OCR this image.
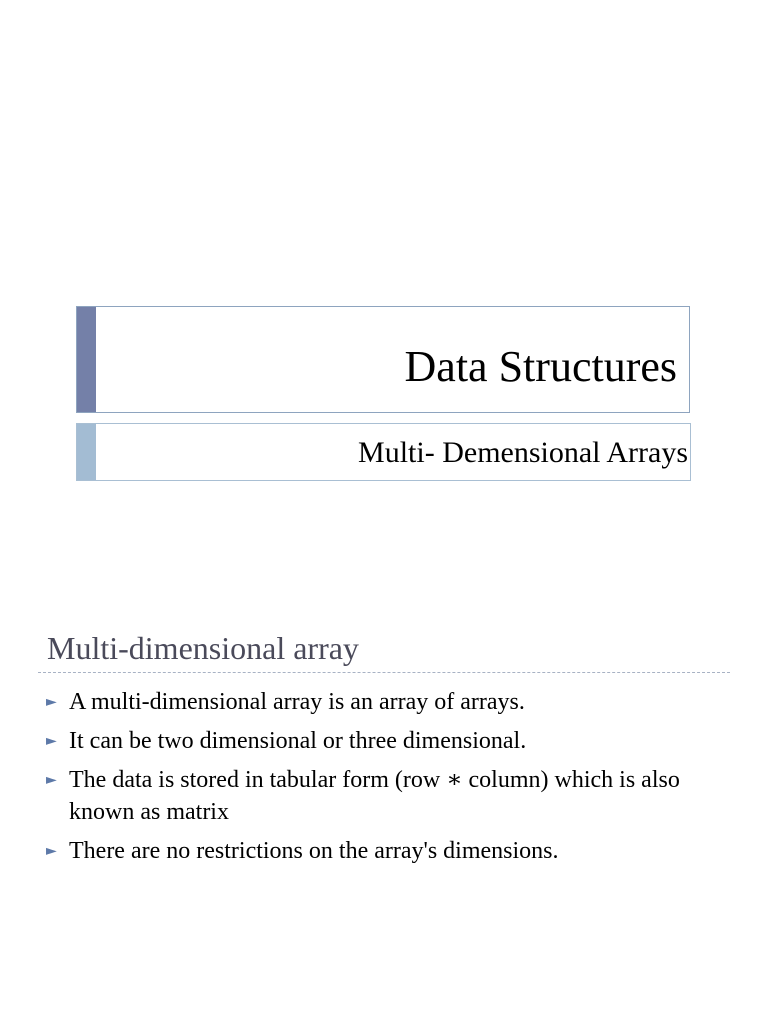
Data Structures
Multi- Demensional Arrays
Multi-dimensional array
► A multi-dimensional array is an array of arrays.
► It can be two dimensional or three dimensional.
► The data is stored in tabular form (row ∗ column) which is also known as matrix
► There are no restrictions on the array's dimensions.
